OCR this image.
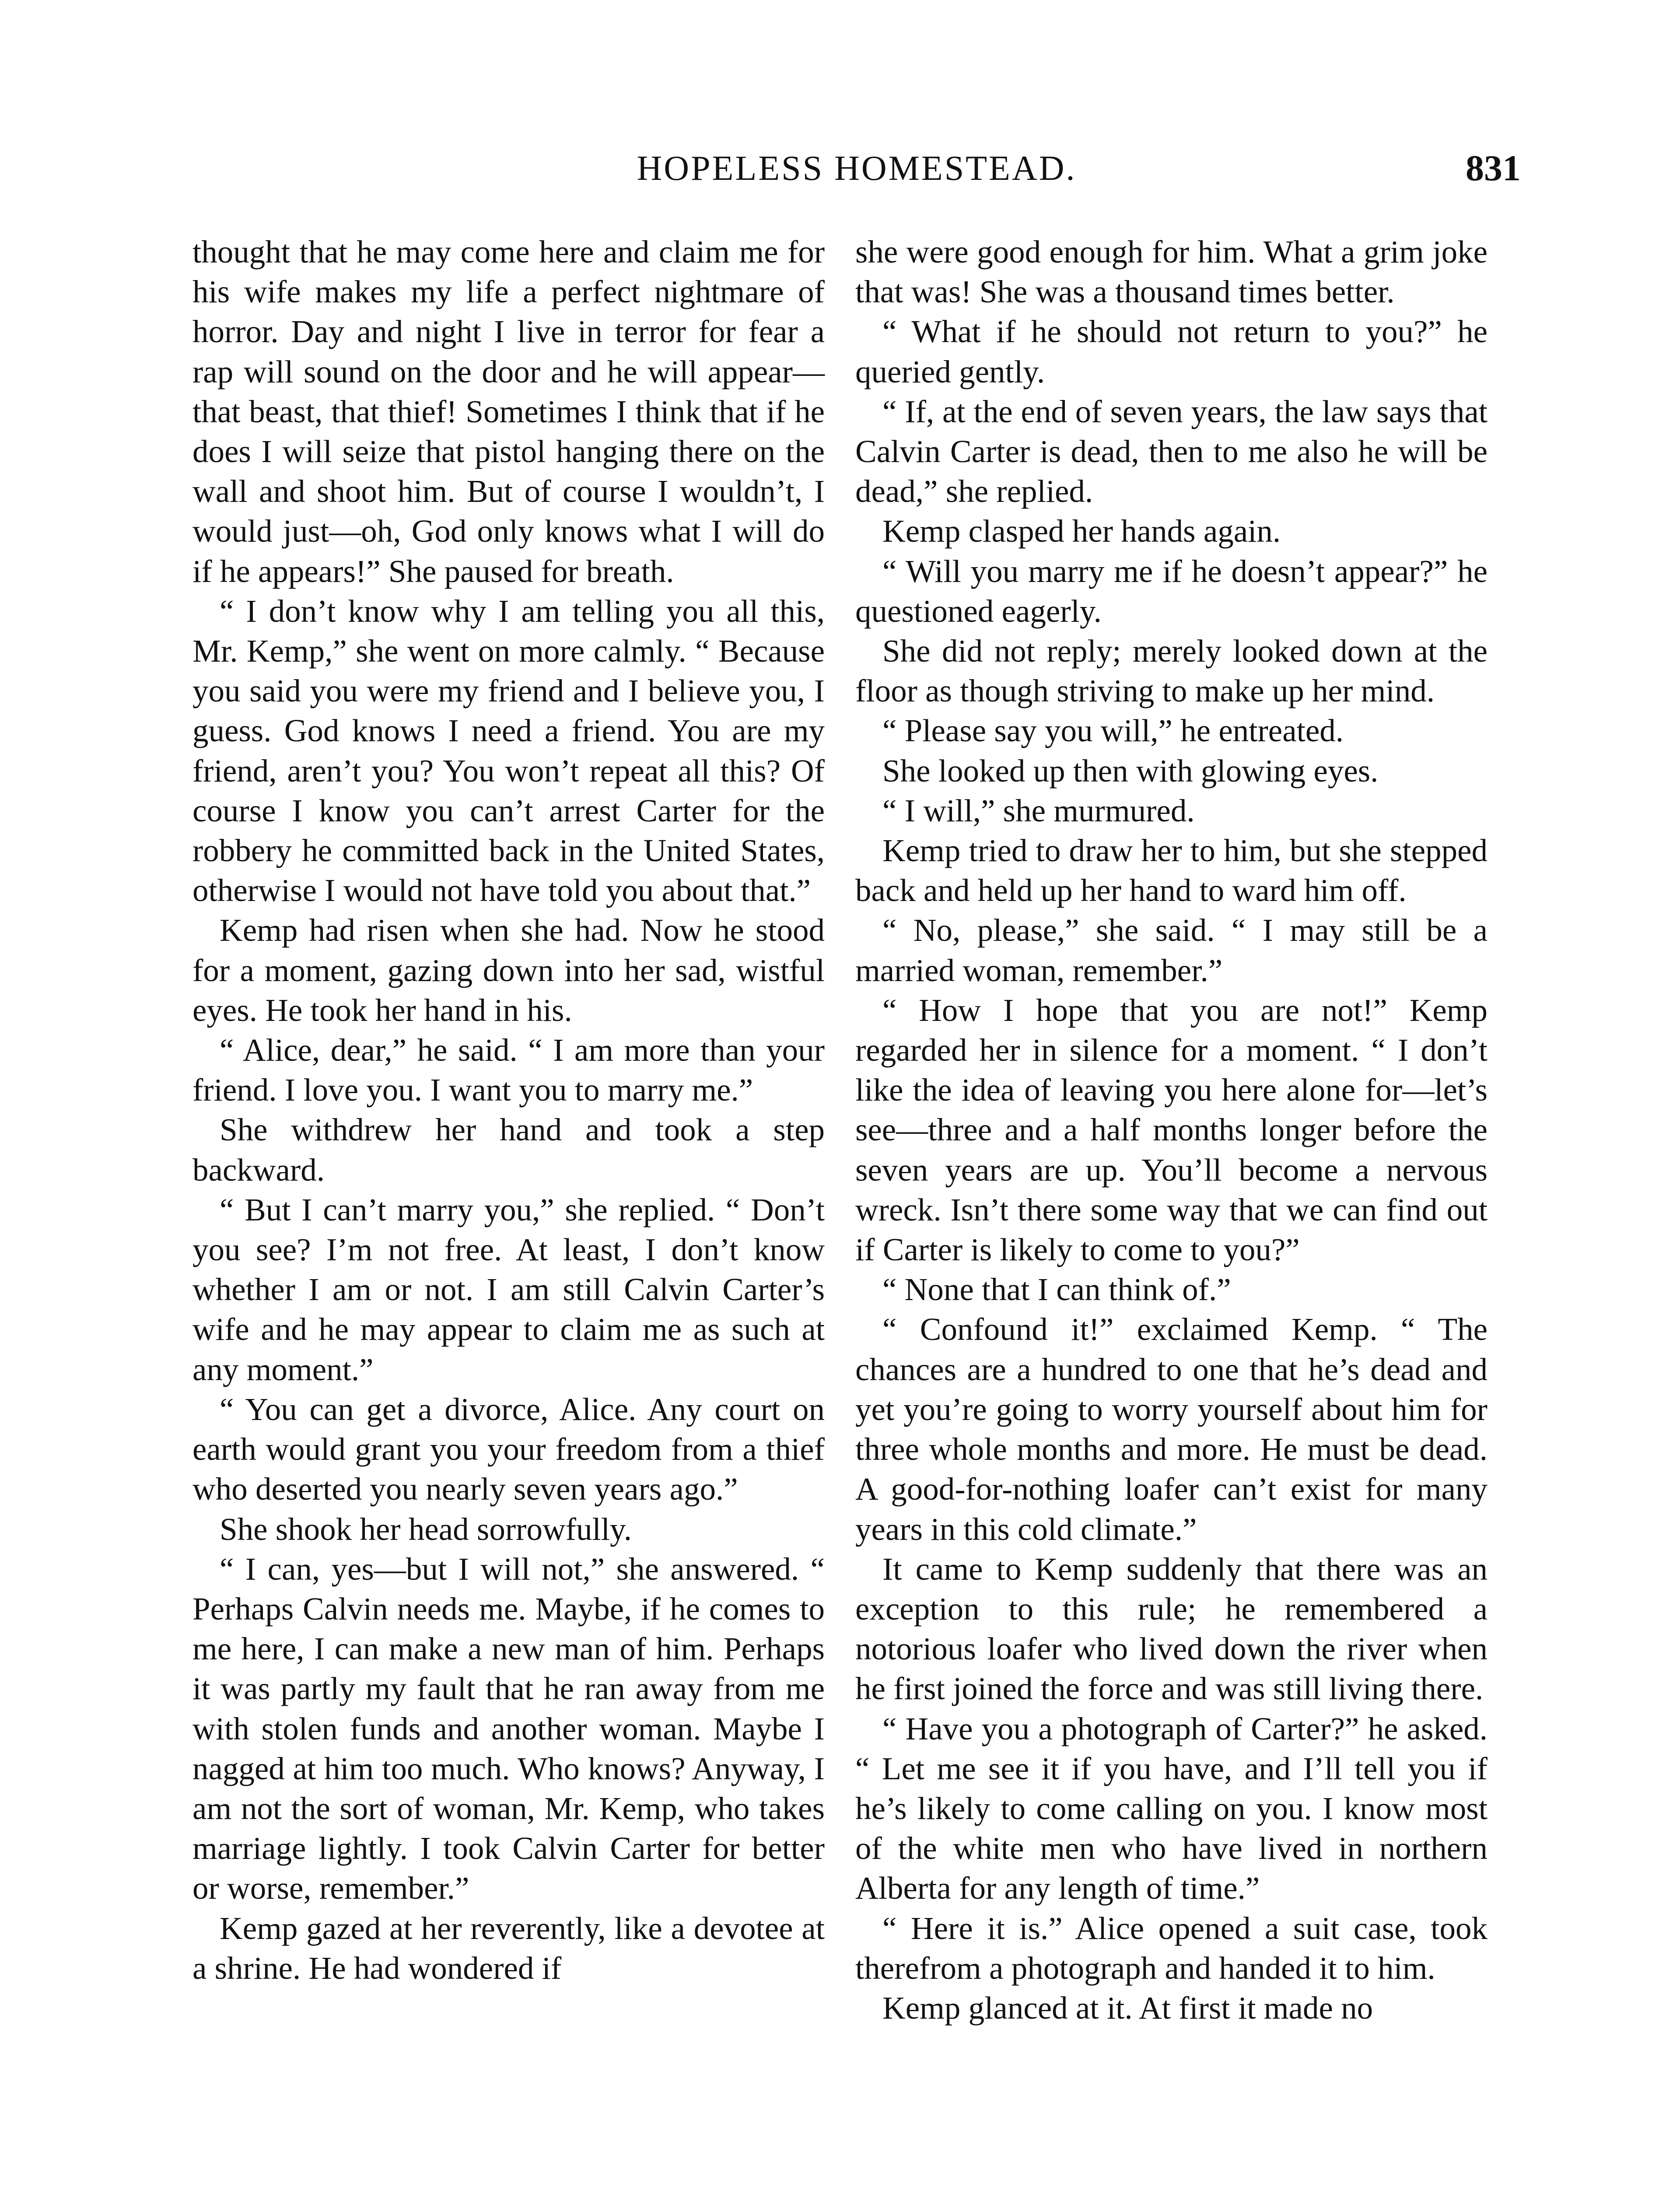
HOPELESS HOMESTEAD.	831

thought that he may come here and claim me for his wife makes my life a perfect nightmare of horror. Day and night I live in terror for fear a rap will sound on the door and he will appear—that beast, that thief! Sometimes I think that if he does I will seize that pistol hanging there on the wall and shoot him. But of course I wouldn’t, I would just—oh, God only knows what I will do if he appears!” She paused for breath.

“ I don’t know why I am telling you all this, Mr. Kemp,” she went on more calmly. “ Because you said you were my friend and I believe you, I guess. God knows I need a friend. You are my friend, aren’t you? You won’t repeat all this? Of course I know you can’t arrest Carter for the robbery he committed back in the United States, otherwise I would not have told you about that.”

Kemp had risen when she had. Now he stood for a moment, gazing down into her sad, wistful eyes. He took her hand in his.

“ Alice, dear,” he said. “ I am more than your friend. I love you. I want you to marry me.”

She withdrew her hand and took a step backward.

“ But I can’t marry you,” she replied. “ Don’t you see? I’m not free. At least, I don’t know whether I am or not. I am still Calvin Carter’s wife and he may appear to claim me as such at any moment.”

“ You can get a divorce, Alice. Any court on earth would grant you your freedom from a thief who deserted you nearly seven years ago.”

She shook her head sorrowfully.

“ I can, yes—but I will not,” she answered. “ Perhaps Calvin needs me. Maybe, if he comes to me here, I can make a new man of him. Perhaps it was partly my fault that he ran away from me with stolen funds and another woman. Maybe I nagged at him too much. Who knows? Anyway, I am not the sort of woman, Mr. Kemp, who takes marriage lightly. I took Calvin Carter for better or worse, remember.”

Kemp gazed at her reverently, like a devotee at a shrine. He had wondered if

she were good enough for him. What a grim joke that was! She was a thousand times better.

“ What if he should not return to you?” he queried gently.

“ If, at the end of seven years, the law says that Calvin Carter is dead, then to me also he will be dead,” she replied.

Kemp clasped her hands again.

“ Will you marry me if he doesn’t appear?” he questioned eagerly.

She did not reply; merely looked down at the floor as though striving to make up her mind.

“ Please say you will,” he entreated.

She looked up then with glowing eyes.

“ I will,” she murmured.

Kemp tried to draw her to him, but she stepped back and held up her hand to ward him off.

“ No, please,” she said. “ I may still be a married woman, remember.”

“ How I hope that you are not!” Kemp regarded her in silence for a moment. “ I don’t like the idea of leaving you here alone for—let’s see—three and a half months longer before the seven years are up. You’ll become a nervous wreck. Isn’t there some way that we can find out if Carter is likely to come to you?”

“ None that I can think of.”

“ Confound it!” exclaimed Kemp. “ The chances are a hundred to one that he’s dead and yet you’re going to worry yourself about him for three whole months and more. He must be dead. A good-for-nothing loafer can’t exist for many years in this cold climate.”

It came to Kemp suddenly that there was an exception to this rule; he remembered a notorious loafer who lived down the river when he first joined the force and was still living there.

“ Have you a photograph of Carter?” he asked. “ Let me see it if you have, and I’ll tell you if he’s likely to come calling on you. I know most of the white men who have lived in northern Alberta for any length of time.”

“ Here it is.” Alice opened a suit case, took therefrom a photograph and handed it to him.

Kemp glanced at it. At first it made no
